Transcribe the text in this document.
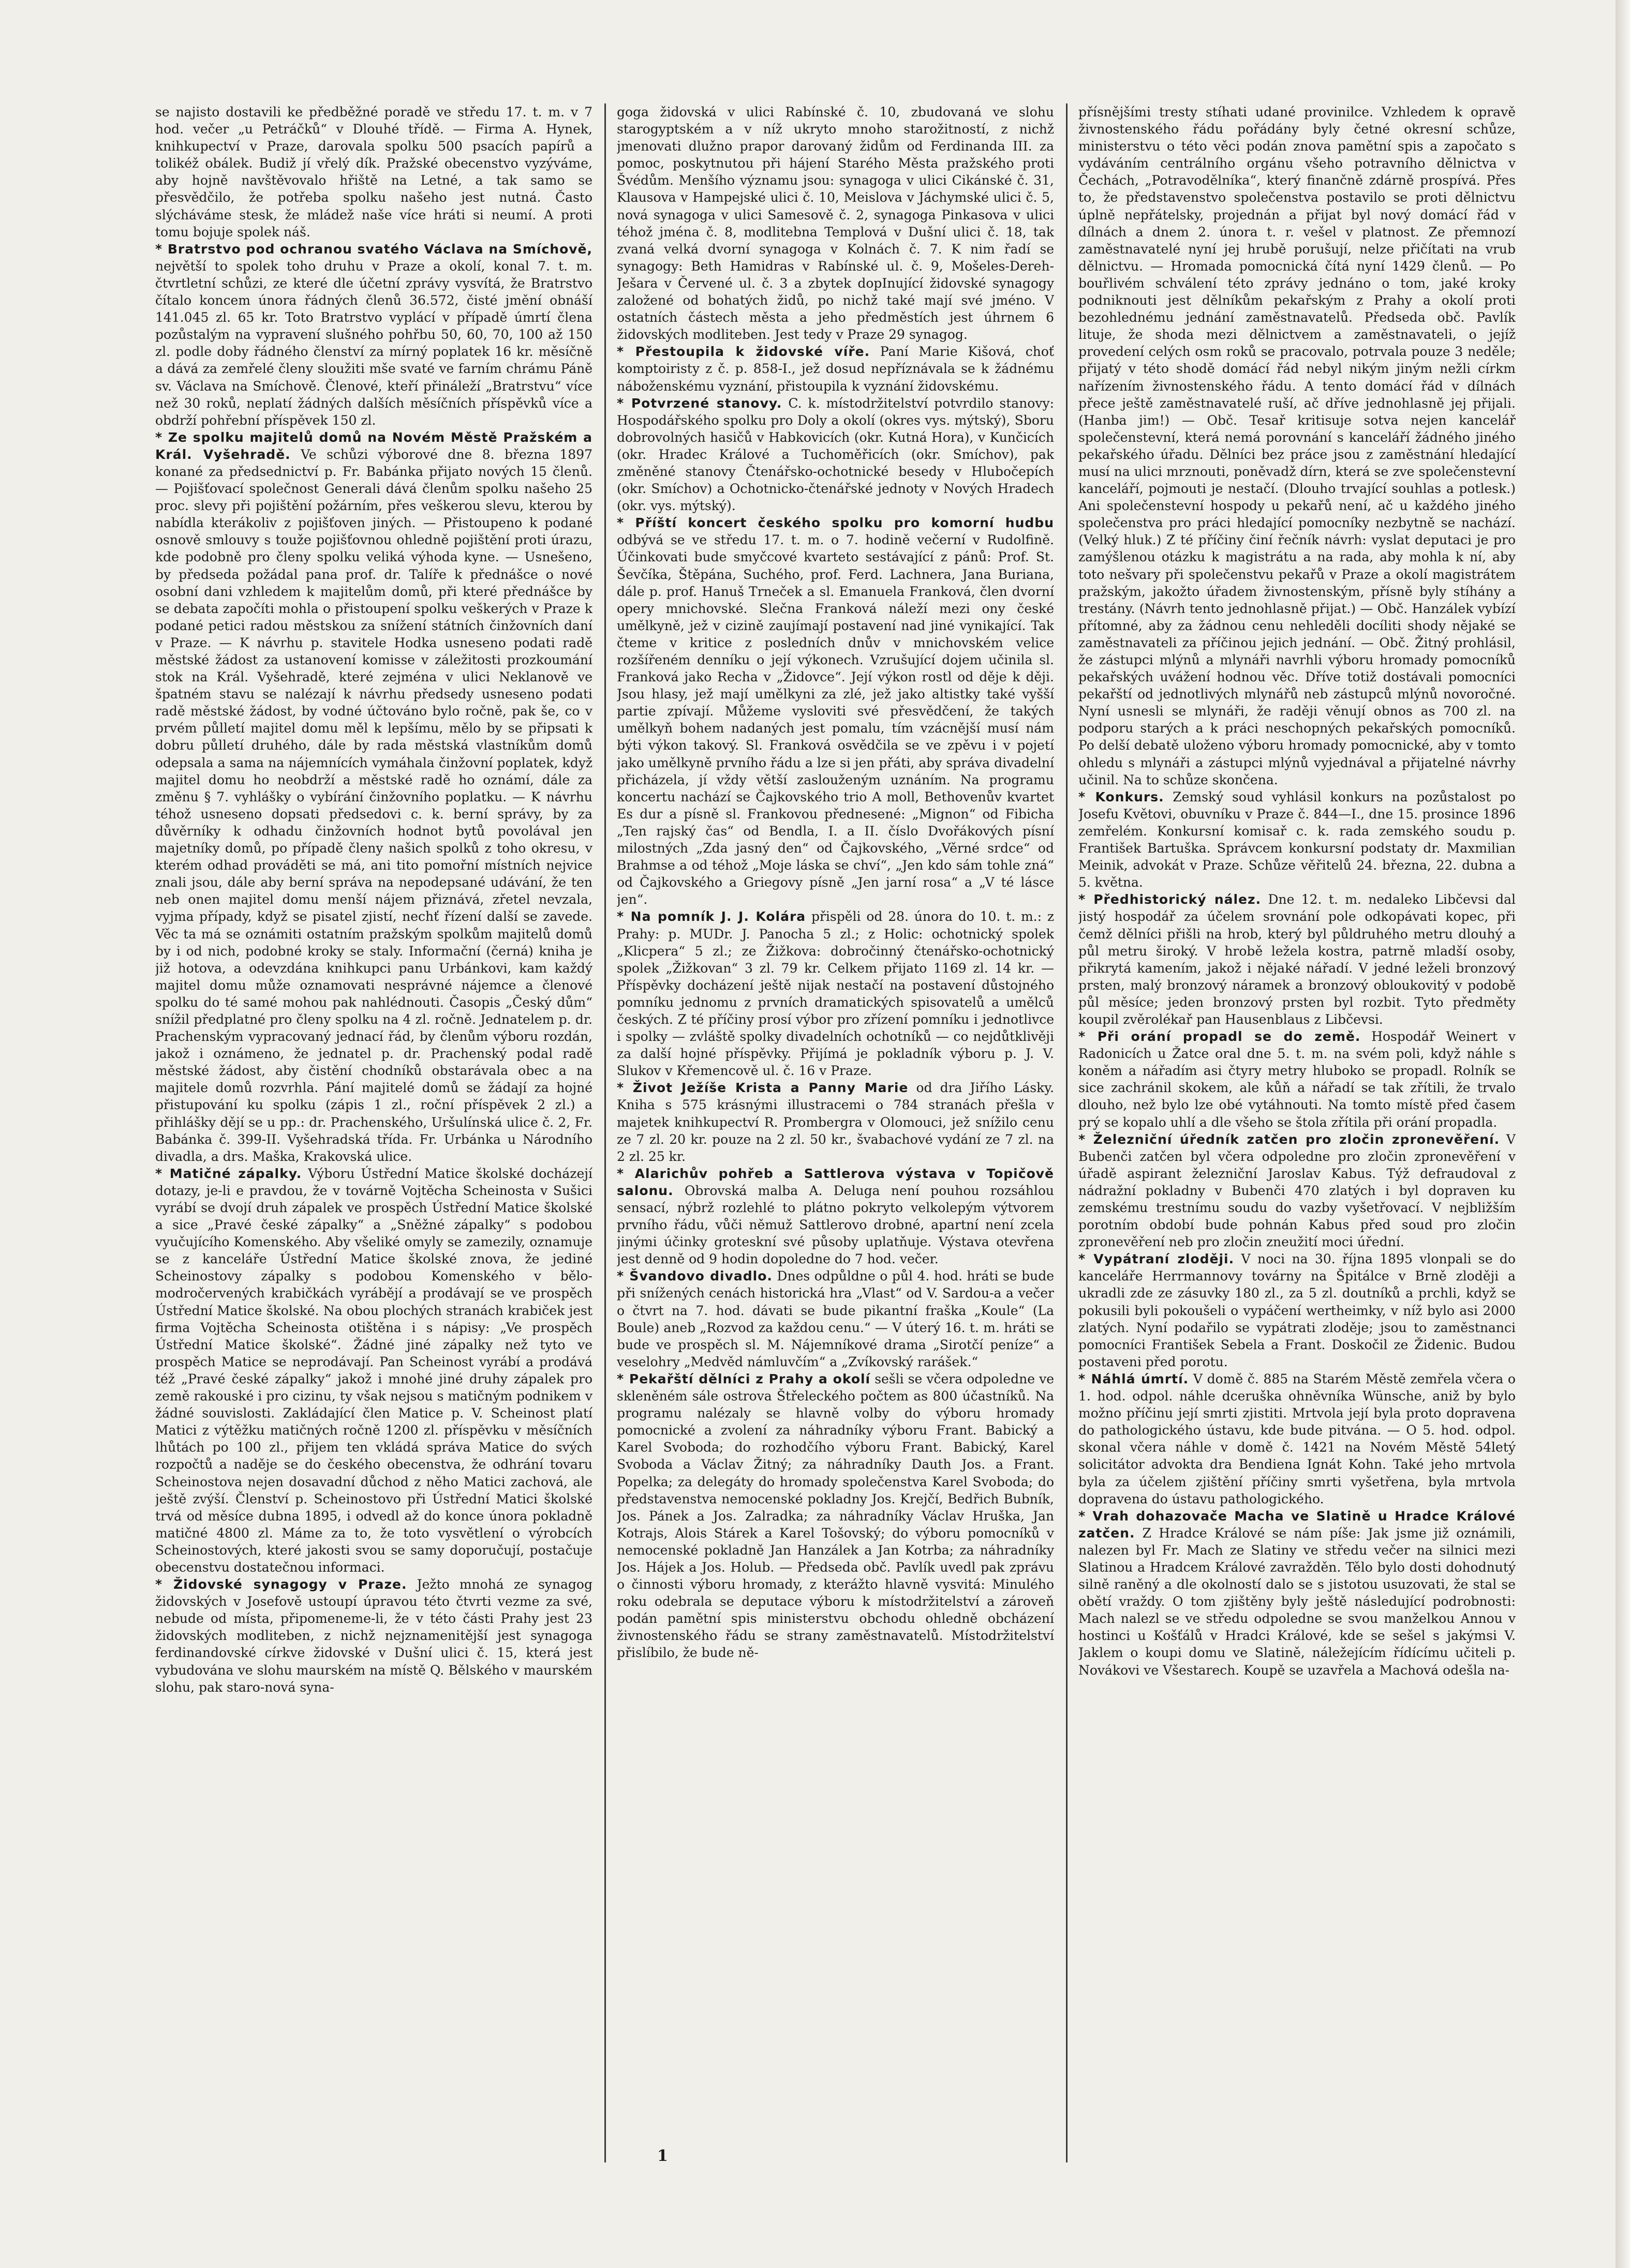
se najisto dostavili ke předběžné poradě ve středu 17. t. m. v 7 hod. večer „u Petráčků“ v Dlouhé třídě. — Firma A. Hynek, knihkupectví v Praze, darovala spolku 500 psacích papírů a tolikéž obálek. Budiž jí vřelý dík. Pražské obecenstvo vyzýváme, aby hojně navštěvovalo hřiště na Letné, a tak samo se přesvědčilo, že potřeba spolku našeho jest nutná. Často slýcháváme stesk, že mládež naše více hráti si neumí. A proti tomu bojuje spolek náš.

* Bratrstvo pod ochranou svatého Václava na Smíchově, největší to spolek toho druhu v Praze a okolí, konal 7. t. m. čtvrtletní schůzi, ze které dle účetní zprávy vysvítá, že Bratrstvo čítalo koncem února řádných členů 36.572, čisté jmění obnáší 141.045 zl. 65 kr. Toto Bratrstvo vyplácí v případě úmrtí člena pozůstalým na vypravení slušného pohřbu 50, 60, 70, 100 až 150 zl. podle doby řádného členství za mírný poplatek 16 kr. měsíčně a dává za zemřelé členy sloužiti mše svaté ve farním chrámu Páně sv. Václava na Smíchově. Členové, kteří přináleží „Bratrstvu“ více než 30 roků, neplatí žádných dalších měsíčních příspěvků více a obdrží pohřební příspěvek 150 zl.

* Ze spolku majitelů domů na Novém Městě Pražském a Král. Vyšehradě. Ve schůzi výborové dne 8. března 1897 konané za předsednictví p. Fr. Babánka přijato nových 15 členů. — Pojišťovací společnost Generali dává členům spolku našeho 25 proc. slevy při pojištění požárním, přes veškerou slevu, kterou by nabídla kterákoliv z pojišťoven jiných. — Přistoupeno k podané osnově smlouvy s touže pojišťovnou ohledně pojištění proti úrazu, kde podobně pro členy spolku veliká výhoda kyne. — Usnešeno, by předseda požádal pana prof. dr. Talíře k přednášce o nové osobní dani vzhledem k majitelům domů, při které přednášce by se debata započíti mohla o přistoupení spolku veškerých v Praze k podané petici radou městskou za snížení státních činžovních daní v Praze. — K návrhu p. stavitele Hodka usneseno podati radě městské žádost za ustanovení komisse v záležitosti prozkoumání stok na Král. Vyšehradě, které zejména v ulici Neklanově ve špatném stavu se nalézají k návrhu předsedy usneseno podati radě městské žádost, by vodné účtováno bylo ročně, pak še, co v prvém půlletí majitel domu měl k lepšímu, mělo by se připsati k dobru půlletí druhého, dále by rada městská vlastníkům domů odepsala a sama na nájemnících vymáhala činžovní poplatek, když majitel domu ho neobdrží a městské radě ho oznámí, dále za změnu § 7. vyhlášky o vybírání činžovního poplatku. — K návrhu téhož usneseno dopsati předsedovi c. k. berní správy, by za důvěrníky k odhadu činžovních hodnot bytů povolával jen majetníky domů, po případě členy našich spolků z toho okresu, v kterém odhad prováděti se má, ani tito pomořní místních nejvice znali jsou, dále aby berní správa na nepodepsané udávání, že ten neb onen majitel domu menší nájem přiznává, zřetel nevzala, vyjma případy, když se pisatel zjistí, nechť řízení další se zavede. Věc ta má se oznámiti ostatním pražským spolkům majitelů domů by i od nich, podobné kroky se staly. Informační (černá) kniha je již hotova, a odevzdána knihkupci panu Urbánkovi, kam každý majitel domu může oznamovati nesprávné nájemce a členové spolku do té samé mohou pak nahlédnouti. Časopis „Český dům“ snížil předplatné pro členy spolku na 4 zl. ročně. Jednatelem p. dr. Prachenským vypracovaný jednací řád, by členům výboru rozdán, jakož i oznámeno, že jednatel p. dr. Prachenský podal radě městské žádost, aby čistění chodníků obstarávala obec a na majitele domů rozvrhla. Pání majitelé domů se žádají za hojné přistupování ku spolku (zápis 1 zl., roční příspěvek 2 zl.) a přihlášky dějí se u pp.: dr. Prachenského, Uršulínská ulice č. 2, Fr. Babánka č. 399-II. Vyšehradská třída. Fr. Urbánka u Národního divadla, a drs. Maška, Krakovská ulice.

* Matičné zápalky. Výboru Ústřední Matice školské docházejí dotazy, je-li e pravdou, že v továrně Vojtěcha Scheinosta v Sušici vyrábí se dvojí druh zápalek ve prospěch Ústřední Matice školské a sice „Pravé české zápalky“ a „Sněžné zápalky“ s podobou vyučujícího Komenského. Aby všeliké omyly se zamezily, oznamuje se z kanceláře Ústřední Matice školské znova, že jediné Scheinostovy zápalky s podobou Komenského v bělo-modročervených krabičkách vyrábějí a prodávají se ve prospěch Ústřední Matice školské. Na obou plochých stranách krabiček jest firma Vojtěcha Scheinosta otištěna i s nápisy: „Ve prospěch Ústřední Matice školské“. Žádné jiné zápalky než tyto ve prospěch Matice se neprodávají. Pan Scheinost vyrábí a prodává též „Pravé české zápalky“ jakož i mnohé jiné druhy zápalek pro země rakouské i pro cizinu, ty však nejsou s matičným podnikem v žádné souvislosti. Zakládající člen Matice p. V. Scheinost platí Matici z výtěžku matičných ročně 1200 zl. příspěvku v měsíčních lhůtách po 100 zl., přijem ten vkládá správa Matice do svých rozpočtů a naděje se do českého obecenstva, že odhrání tovaru Scheinostova nejen dosavadní důchod z něho Matici zachová, ale ještě zvýší. Členství p. Scheinostovo při Ústřední Matici školské trvá od měsíce dubna 1895, i odvedl až do konce února pokladně matičné 4800 zl. Máme za to, že toto vysvětlení o výrobcích Scheinostových, které jakosti svou se samy doporučují, postačuje obecenstvu dostatečnou informaci.

* Židovské synagogy v Praze. Ježto mnohá ze synagog židovských v Josefově ustoupí úpravou této čtvrti vezme za své, nebude od místa, připomeneme-li, že v této části Prahy jest 23 židovských modliteben, z nichž nejznamenitější jest synagoga ferdinandovské církve židovské v Dušní ulici č. 15, která jest vybudována ve slohu maurském na místě Q. Bělského v maurském slohu, pak staro-nová syna-

goga židovská v ulici Rabínské č. 10, zbudovaná ve slohu starogyptském a v níž ukryto mnoho starožitností, z nichž jmenovati dlužno prapor darovaný židům od Ferdinanda III. za pomoc, poskytnutou při hájení Starého Města pražského proti Švédům. Menšího významu jsou: synagoga v ulici Cikánské č. 31, Klausova v Hampejské ulici č. 10, Meislova v Jáchymské ulici č. 5, nová synagoga v ulici Samesově č. 2, synagoga Pinkasova v ulici téhož jména č. 8, modlitebna Templová v Dušní ulici č. 18, tak zvaná velká dvorní synagoga v Kolnách č. 7. K nim řadí se synagogy: Beth Hamidras v Rabínské ul. č. 9, Mošeles-Dereh-Ješara v Červené ul. č. 3 a zbytek dopInující židovské synagogy založené od bohatých židů, po nichž také mají své jméno. V ostatních částech města a jeho předměstích jest úhrnem 6 židovských modliteben. Jest tedy v Praze 29 synagog.

* Přestoupila k židovské víře. Paní Marie Kišová, choť komptoiristy z č. p. 858-I., jež dosud nepříznávala se k žádnému náboženskému vyznání, přistoupila k vyznání židovskému.

* Potvrzené stanovy. C. k. místodržitelství potvrdilo stanovy: Hospodářského spolku pro Doly a okolí (okres vys. mýtský), Sboru dobrovolných hasičů v Habkovicích (okr. Kutná Hora), v Kunčicích (okr. Hradec Králové a Tuchoměřicích (okr. Smíchov), pak změněné stanovy Čtenářsko-ochotnické besedy v Hlubočepích (okr. Smíchov) a Ochotnicko-čtenářské jednoty v Nových Hradech (okr. vys. mýtský).

* Příští koncert českého spolku pro komorní hudbu odbývá se ve středu 17. t. m. o 7. hodině večerní v Rudolfině. Účinkovati bude smyčcové kvarteto sestávající z pánů: Prof. St. Ševčíka, Štěpána, Suchého, prof. Ferd. Lachnera, Jana Buriana, dále p. prof. Hanuš Trneček a sl. Emanuela Franková, člen dvorní opery mnichovské. Slečna Franková náleží mezi ony české umělkyně, jež v cizině zaujímají postavení nad jiné vynikající. Tak čteme v kritice z posledních dnův v mnichovském velice rozšířeném denníku o její výkonech. Vzrušující dojem učinila sl. Franková jako Recha v „Židovce“. Její výkon rostl od děje k ději. Jsou hlasy, jež mají umělkyni za zlé, jež jako altistky také vyšší partie zpívají. Můžeme vysloviti své přesvědčení, že takých umělkyň bohem nadaných jest pomalu, tím vzácnější musí nám býti výkon takový. Sl. Franková osvědčila se ve zpěvu i v pojetí jako umělkyně prvního řádu a lze si jen přáti, aby správa divadelní přicházela, jí vždy větší zaslouženým uznáním. Na programu koncertu nachází se Čajkovského trio A moll, Bethovenův kvartet Es dur a písně sl. Frankovou přednesené: „Mignon“ od Fibicha „Ten rajský čas“ od Bendla, I. a II. číslo Dvořákových písní milostných „Zda jasný den“ od Čajkovského, „Věrné srdce“ od Brahmse a od téhož „Moje láska se chví“, „Jen kdo sám tohle zná“ od Čajkovského a Griegovy písně „Jen jarní rosa“ a „V té lásce jen“.

* Na pomník J. J. Kolára přispěli od 28. února do 10. t. m.: z Prahy: p. MUDr. J. Panocha 5 zl.; z Holic: ochotnický spolek „Klicpera“ 5 zl.; ze Žižkova: dobročinný čtenářsko-ochotnický spolek „Žižkovan“ 3 zl. 79 kr. Celkem přijato 1169 zl. 14 kr. — Příspěvky docházení ještě nijak nestačí na postavení důstojného pomníku jednomu z prvních dramatických spisovatelů a umělců českých. Z té příčiny prosí výbor pro zřízení pomníku i jednotlivce i spolky — zvláště spolky divadelních ochotníků — co nejdůtklivěji za další hojné příspěvky. Přijímá je pokladník výboru p. J. V. Slukov v Křemencově ul. č. 16 v Praze.

* Život Ježíše Krista a Panny Marie od dra Jiřího Lásky. Kniha s 575 krásnými illustracemi o 784 stranách přešla v majetek knihkupectví R. Prombergra v Olomouci, jež snížilo cenu ze 7 zl. 20 kr. pouze na 2 zl. 50 kr., švabachové vydání ze 7 zl. na 2 zl. 25 kr.

* Alarichův pohřeb a Sattlerova výstava v Topičově salonu. Obrovská malba A. Deluga není pouhou rozsáhlou sensací, nýbrž rozlehlé to plátno pokryto velkolepým výtvorem prvního řádu, vůči němuž Sattlerovo drobné, apartní není zcela jinými účinky groteskní své působy uplatňuje. Výstava otevřena jest denně od 9 hodin dopoledne do 7 hod. večer.

* Švandovo divadlo. Dnes odpůldne o půl 4. hod. hráti se bude při snížených cenách historická hra „Vlast“ od V. Sardou-a a večer o čtvrt na 7. hod. dávati se bude pikantní fraška „Koule“ (La Boule) aneb „Rozvod za každou cenu.“ — V úterý 16. t. m. hráti se bude ve prospěch sl. M. Nájemníkové drama „Sirotčí peníze“ a veselohry „Medvěd námluvčím“ a „Zvíkovský rarášek.“

* Pekařští dělníci z Prahy a okolí sešli se včera odpoledne ve skleněném sále ostrova Štřeleckého počtem as 800 účastníků. Na programu nalézaly se hlavně volby do výboru hromady pomocnické a zvolení za náhradníky výboru Frant. Babický a Karel Svoboda; do rozhodčího výboru Frant. Babický, Karel Svoboda a Václav Žitný; za náhradníky Dauth Jos. a Frant. Popelka; za delegáty do hromady společenstva Karel Svoboda; do představenstva nemocenské pokladny Jos. Krejčí, Bedřich Bubník, Jos. Pánek a Jos. Zalradka; za náhradníky Václav Hruška, Jan Kotrajs, Alois Stárek a Karel Tošovský; do výboru pomocníků v nemocenské pokladně Jan Hanzálek a Jan Kotrba; za náhradníky Jos. Hájek a Jos. Holub. — Předseda obč. Pavlík uvedl pak zprávu o činnosti výboru hromady, z kterážto hlavně vysvitá: Minulého roku odebrala se deputace výboru k místodržitelství a zároveň podán pamětní spis ministerstvu obchodu ohledně obcházení živnostenského řádu se strany zaměstnavatelů. Místodržitelství přislíbilo, že bude ně-

přísnějšími tresty stíhati udané provinilce. Vzhledem k opravě živnostenského řádu pořádány byly četné okresní schůze, ministerstvu o této věci podán znova pamětní spis a započato s vydáváním centrálního orgánu všeho potravního dělnictva v Čechách, „Potravodělníka“, který finančně zdárně prospívá. Přes to, že představenstvo společenstva postavilo se proti dělnictvu úplně nepřátelsky, projednán a přijat byl nový domácí řád v dílnách a dnem 2. února t. r. vešel v platnost. Ze přemnozí zaměstnavatelé nyní jej hrubě porušují, nelze přičítati na vrub dělnictvu. — Hromada pomocnická čítá nyní 1429 členů. — Po bouřlivém schválení této zprávy jednáno o tom, jaké kroky podniknouti jest dělníkům pekařským z Prahy a okolí proti bezohlednému jednání zaměstnavatelů. Předseda obč. Pavlík lituje, že shoda mezi dělnictvem a zaměstnavateli, o jejíž provedení celých osm roků se pracovalo, potrvala pouze 3 neděle; přijatý v této shodě domácí řád nebyl nikým jiným nežli církm nařízením živnostenského řádu. A tento domácí řád v dílnách přece ještě zaměstnavatelé ruší, ač dříve jednohlasně jej přijali. (Hanba jim!) — Obč. Tesař kritisuje sotva nejen kancelář společenstevní, která nemá porovnání s kanceláří žádného jiného pekařského úřadu. Dělníci bez práce jsou z zaměstnání hledající musí na ulici mrznouti, poněvadž dírn, která se zve společenstevní kanceláří, pojmouti je nestačí. (Dlouho trvající souhlas a potlesk.) Ani společenstevní hospody u pekařů není, ač u každého jiného společenstva pro práci hledající pomocníky nezbytně se nachází. (Velký hluk.) Z té příčiny činí řečník návrh: vyslat deputaci je pro zamýšlenou otázku k magistrátu a na rada, aby mohla k ní, aby toto nešvary při společenstvu pekařů v Praze a okolí magistrátem pražským, jakožto úřadem živnostenským, přísně byly stíhány a trestány. (Návrh tento jednohlasně přijat.) — Obč. Hanzálek vybízí přítomné, aby za žádnou cenu nehleděli docíliti shody nějaké se zaměstnavateli za příčinou jejich jednání. — Obč. Žitný prohlásil, že zástupci mlýnů a mlynáři navrhli výboru hromady pomocníků pekařských uvážení hodnou věc. Dříve totiž dostávali pomocníci pekařští od jednotlivých mlynářů neb zástupců mlýnů novoročné. Nyní usnesli se mlynáři, že raději věnují obnos as 700 zl. na podporu starých a k práci neschopných pekařských pomocníků. Po delší debatě uloženo výboru hromady pomocnické, aby v tomto ohledu s mlynáři a zástupci mlýnů vyjednával a přijatelné návrhy učinil. Na to schůze skončena.

* Konkurs. Zemský soud vyhlásil konkurs na pozůstalost po Josefu Květovi, obuvníku v Praze č. 844—I., dne 15. prosince 1896 zemřelém. Konkursní komisař c. k. rada zemského soudu p. František Bartuška. Správcem konkursní podstaty dr. Maxmilian Meinik, advokát v Praze. Schůze věřitelů 24. března, 22. dubna a 5. května.

* Předhistorický nález. Dne 12. t. m. nedaleko Libčevsi dal jistý hospodář za účelem srovnání pole odkopávati kopec, při čemž dělníci přišli na hrob, který byl půldruhého metru dlouhý a půl metru široký. V hrobě ležela kostra, patrně mladší osoby, přikrytá kamením, jakož i nějaké nářadí. V jedné leželi bronzový prsten, malý bronzový náramek a bronzový obloukovitý v podobě půl měsíce; jeden bronzový prsten byl rozbit. Tyto předměty koupil zvěrolékař pan Hausenblaus z Libčevsi.

* Při orání propadl se do země. Hospodář Weinert v Radonicích u Žatce oral dne 5. t. m. na svém poli, když náhle s koněm a nářadím asi čtyry metry hluboko se propadl. Rolník se sice zachránil skokem, ale kůň a nářadí se tak zřítili, že trvalo dlouho, než bylo lze obé vytáhnouti. Na tomto místě před časem prý se kopalo uhlí a dle všeho se štola zřítila při orání propadla.

* Železniční úředník zatčen pro zločin zpronevěření. V Bubenči zatčen byl včera odpoledne pro zločin zpronevěření v úřadě aspirant železniční Jaroslav Kabus. Týž defraudoval z nádražní pokladny v Bubenči 470 zlatých i byl dopraven ku zemskému trestnímu soudu do vazby vyšetřovací. V nejbližším porotním období bude pohnán Kabus před soud pro zločin zpronevěření neb pro zločin zneužití moci úřední.

* Vypátraní zloději. V noci na 30. října 1895 vlonpali se do kanceláře Herrmannovy továrny na Špitálce v Brně zloději a ukradli zde ze zásuvky 180 zl., za 5 zl. doutníků a prchli, když se pokusili byli pokoušeli o vypáčení wertheimky, v níž bylo asi 2000 zlatých. Nyní podařilo se vypátrati zloděje; jsou to zaměstnanci pomocníci František Sebela a Frant. Doskočil ze Židenic. Budou postaveni před porotu.

* Náhlá úmrtí. V domě č. 885 na Starém Městě zemřela včera o 1. hod. odpol. náhle dceruška ohněvníka Wünsche, aniž by bylo možno příčinu její smrti zjistiti. Mrtvola její byla proto dopravena do pathologického ústavu, kde bude pitvána. — O 5. hod. odpol. skonal včera náhle v domě č. 1421 na Novém Městě 54letý solicitátor advokta dra Bendiena Ignát Kohn. Také jeho mrtvola byla za účelem zjištění příčiny smrti vyšetřena, byla mrtvola dopravena do ústavu pathologického.

* Vrah dohazovače Macha ve Slatině u Hradce Králové zatčen. Z Hradce Králové se nám píše: Jak jsme již oznámili, nalezen byl Fr. Mach ze Slatiny ve středu večer na silnici mezi Slatinou a Hradcem Králové zavražděn. Tělo bylo dosti dohodnutý silně raněný a dle okolností dalo se s jistotou usuzovati, že stal se obětí vraždy. O tom zjištěny byly ještě následující podrobnosti: Mach nalezl se ve středu odpoledne se svou manželkou Annou v hostinci u Košťálů v Hradci Králové, kde se sešel s jakýmsi V. Jaklem o koupi domu ve Slatině, náležejícím řídícímu učiteli p. Novákovi ve Všestarech. Koupě se uzavřela a Machová odešla na-

1
